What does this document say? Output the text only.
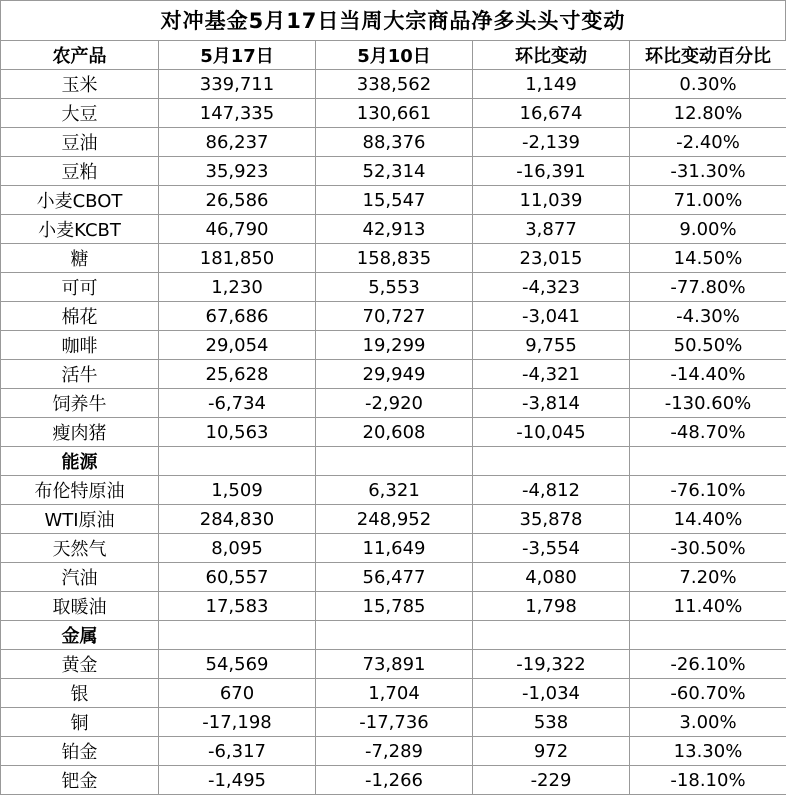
对冲基金5月17日当周大宗商品净多头头寸变动
农产品	5月17日	5月10日	环比变动	环比变动百分比
玉米	339,711	338,562	1,149	0.30%
大豆	147,335	130,661	16,674	12.80%
豆油	86,237	88,376	-2,139	-2.40%
豆粕	35,923	52,314	-16,391	-31.30%
小麦CBOT	26,586	15,547	11,039	71.00%
小麦KCBT	46,790	42,913	3,877	9.00%
糖	181,850	158,835	23,015	14.50%
可可	1,230	5,553	-4,323	-77.80%
棉花	67,686	70,727	-3,041	-4.30%
咖啡	29,054	19,299	9,755	50.50%
活牛	25,628	29,949	-4,321	-14.40%
饲养牛	-6,734	-2,920	-3,814	-130.60%
瘦肉猪	10,563	20,608	-10,045	-48.70%
能源				
布伦特原油	1,509	6,321	-4,812	-76.10%
WTI原油	284,830	248,952	35,878	14.40%
天然气	8,095	11,649	-3,554	-30.50%
汽油	60,557	56,477	4,080	7.20%
取暖油	17,583	15,785	1,798	11.40%
金属				
黄金	54,569	73,891	-19,322	-26.10%
银	670	1,704	-1,034	-60.70%
铜	-17,198	-17,736	538	3.00%
铂金	-6,317	-7,289	972	13.30%
钯金	-1,495	-1,266	-229	-18.10%
